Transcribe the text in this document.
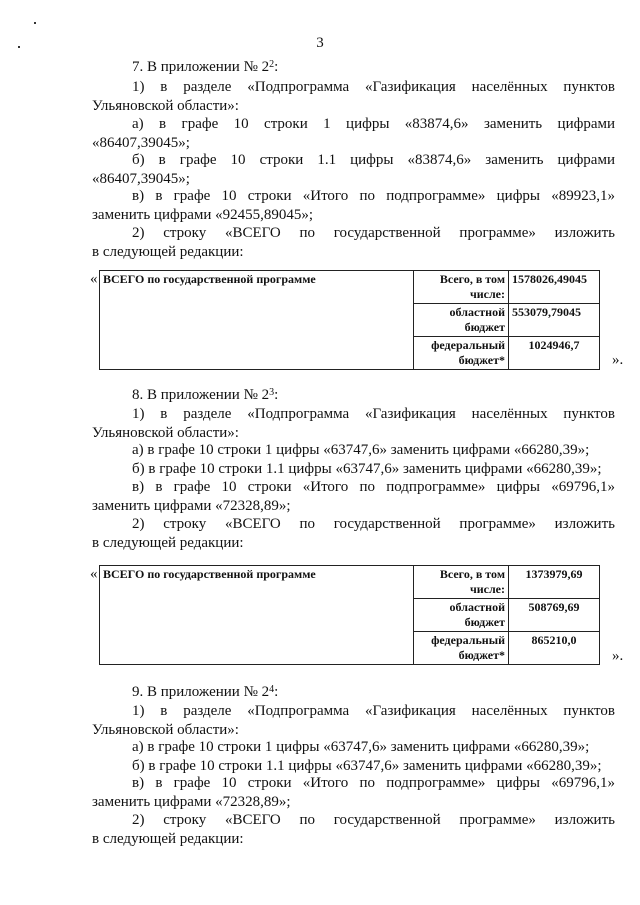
3
7. В приложении № $2^2$:
1) в разделе «Подпрограмма «Газификация населённых пунктов
Ульяновской области»:
а) в графе 10 строки 1 цифры «83874,6» заменить цифрами
«86407,39045»;
б) в графе 10 строки 1.1 цифры «83874,6» заменить цифрами
«86407,39045»;
в) в графе 10 строки «Итого по подпрограмме» цифры «89923,1»
заменить цифрами «92455,89045»;
2) строку «ВСЕГО по государственной программе» изложить
в следующей редакции:
« ВСЕГО по государственной программе	Всего, в том числе:	1578026,49045
	областной бюджет	553079,79045
	федеральный бюджет*	1024946,7
».
8. В приложении № $2^3$:
1) в разделе «Подпрограмма «Газификация населённых пунктов
Ульяновской области»:
а) в графе 10 строки 1 цифры «63747,6» заменить цифрами «66280,39»;
б) в графе 10 строки 1.1 цифры «63747,6» заменить цифрами «66280,39»;
в) в графе 10 строки «Итого по подпрограмме» цифры «69796,1»
заменить цифрами «72328,89»;
2) строку «ВСЕГО по государственной программе» изложить
в следующей редакции:
« ВСЕГО по государственной программе	Всего, в том числе:	1373979,69
	областной бюджет	508769,69
	федеральный бюджет*	865210,0
».
9. В приложении № $2^4$:
1) в разделе «Подпрограмма «Газификация населённых пунктов
Ульяновской области»:
а) в графе 10 строки 1 цифры «63747,6» заменить цифрами «66280,39»;
б) в графе 10 строки 1.1 цифры «63747,6» заменить цифрами «66280,39»;
в) в графе 10 строки «Итого по подпрограмме» цифры «69796,1»
заменить цифрами «72328,89»;
2) строку «ВСЕГО по государственной программе» изложить
в следующей редакции:
